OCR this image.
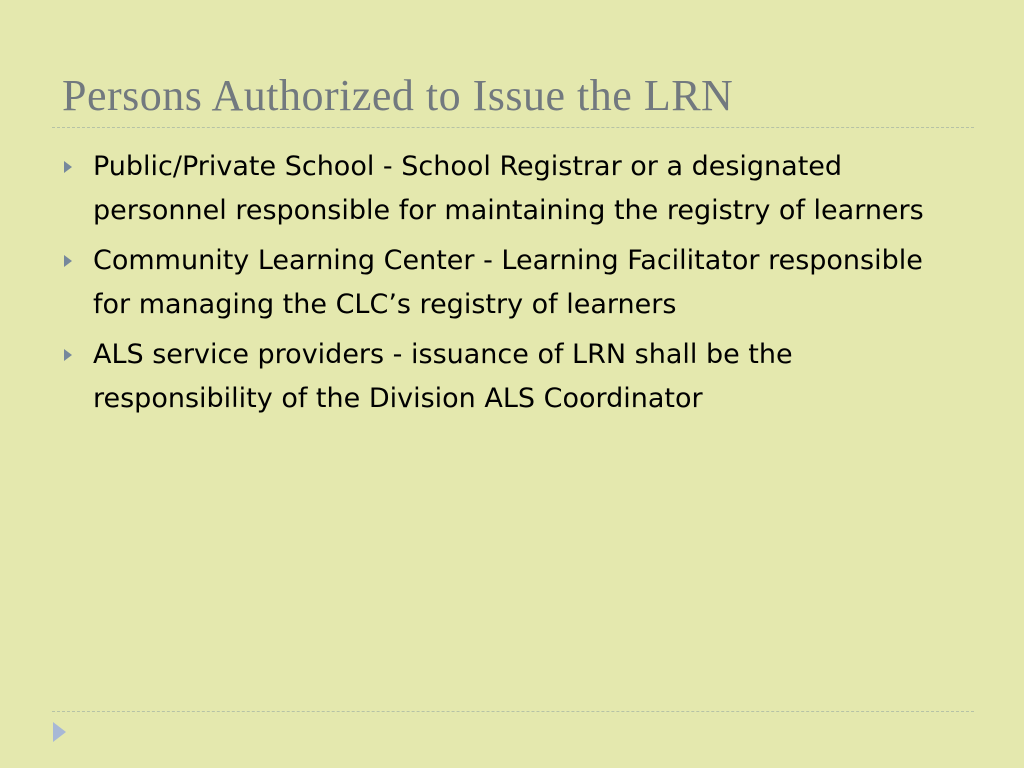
Persons Authorized to Issue the LRN
Public/Private School - School Registrar or a designated personnel responsible for maintaining the registry of learners
Community Learning Center - Learning Facilitator responsible for managing the CLC’s registry of learners
ALS service providers - issuance of LRN shall be the responsibility of the Division ALS Coordinator
